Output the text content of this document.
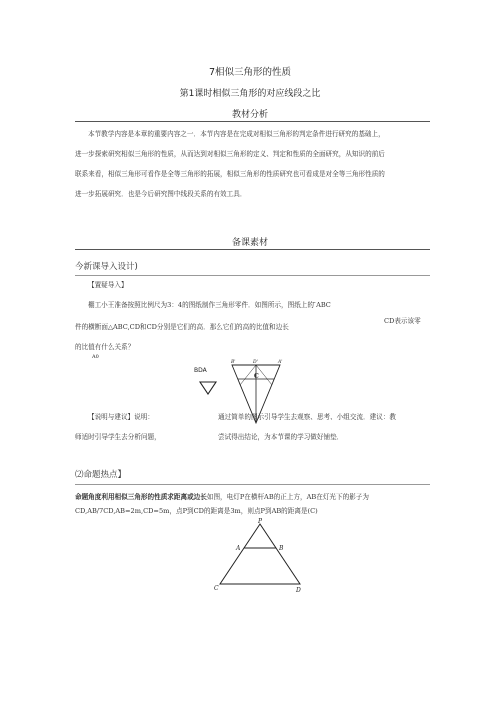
7相似三角形的性质
第1课时相似三角形的对应线段之比
教材分析
本节教学内容是本章的重要内容之一．本节内容是在完成对相似三角形的判定条件进行研究的基础上，
进一步探索研究相似三角形的性质，从而达到对相似三角形的定义、判定和性质的全面研究，从知识的前后
联系来看，相似三角形可看作是全等三角形的拓展，相似三角形的性质研究也可看成是对全等三角形性质的
进一步拓展研究．也是今后研究图中线段关系的有效工具．
备课素材
今新课导入设计)
【置疑导入】
棚工小王准备按照比例尺为3：4的图纸制作三角形零件．如图所示，图纸上的 ̄ABC
CD表示该零
件的横断面△ABC,CD和CD分别是它们的高．那么它们的高的比值和边长
的比值有什么关系？
A0
BDA
B'	D'	A'
C
【说明与建议】说明：	通过简单的图示引导学生去观察、思考、小组交流．建议：教
师适时引导学生去分析问题，	尝试得出结论，为本节课的学习做好铺垫．
⑵命题热点】
命题角度利用相似三角形的性质求距离或边长如图，电灯P在横杆AB的正上方，AB在灯光下的影子为
CD,AB/7CD,AB=2m,CD=5m，点P到CD的距离是3m，则点P到AB的距离是(C)
P
A	B
C	D
